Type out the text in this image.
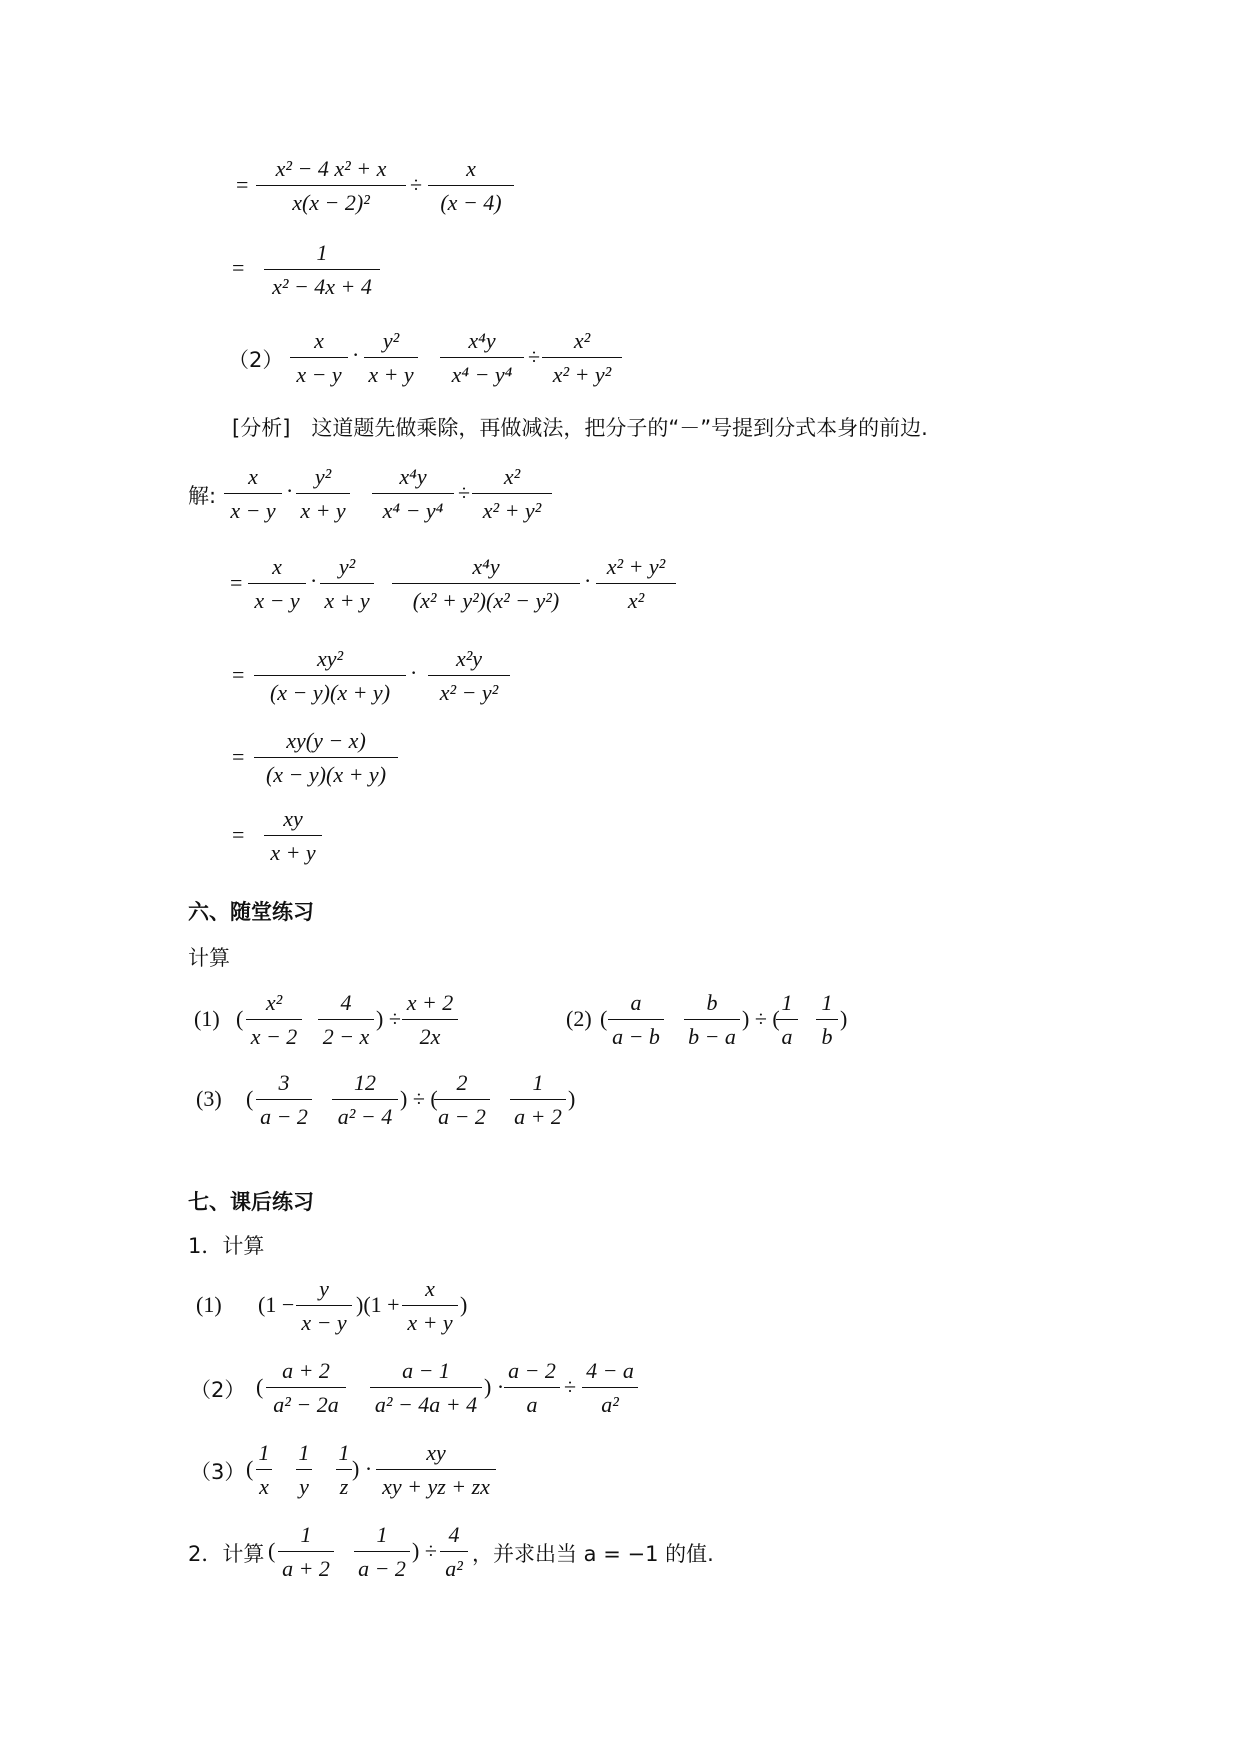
=
x² − 4 x² + x
x(x − 2)²
÷
x
(x − 4)
=
1
x² − 4x + 4
（2）
x
x − y
·
y²
x + y
x⁴y
x⁴ − y⁴
÷
x²
x² + y²
[分析]　这道题先做乘除，再做减法，把分子的“－”号提到分式本身的前边.
解:
x
x − y
·
y²
x + y
x⁴y
x⁴ − y⁴
÷
x²
x² + y²
=
x
x − y
·
y²
x + y
x⁴y
(x² + y²)(x² − y²)
·
x² + y²
x²
=
xy²
(x − y)(x + y)
·
x²y
x² − y²
=
xy(y − x)
(x − y)(x + y)
=
xy
x + y
六、随堂练习
计算
(1) (
x²
x − 2
4
2 − x
) ÷
x + 2
2x
(2) (
a
a − b
b
b − a
) ÷ (
1
a
1
b
)
(3) (
3
a − 2
12
a² − 4
) ÷ (
2
a − 2
1
a + 2
)
七、课后练习
1．计算
(1) (1 −
y
x − y
)(1 +
x
x + y
)
（2） (
a + 2
a² − 2a
a − 1
a² − 4a + 4
) ·
a − 2
a
÷
4 − a
a²
（3） (
1
x
1
y
1
z
) ·
xy
xy + yz + zx
2．计算 (
1
a + 2
1
a − 2
) ÷
4
a²
，并求出当 a = −1 的值.
